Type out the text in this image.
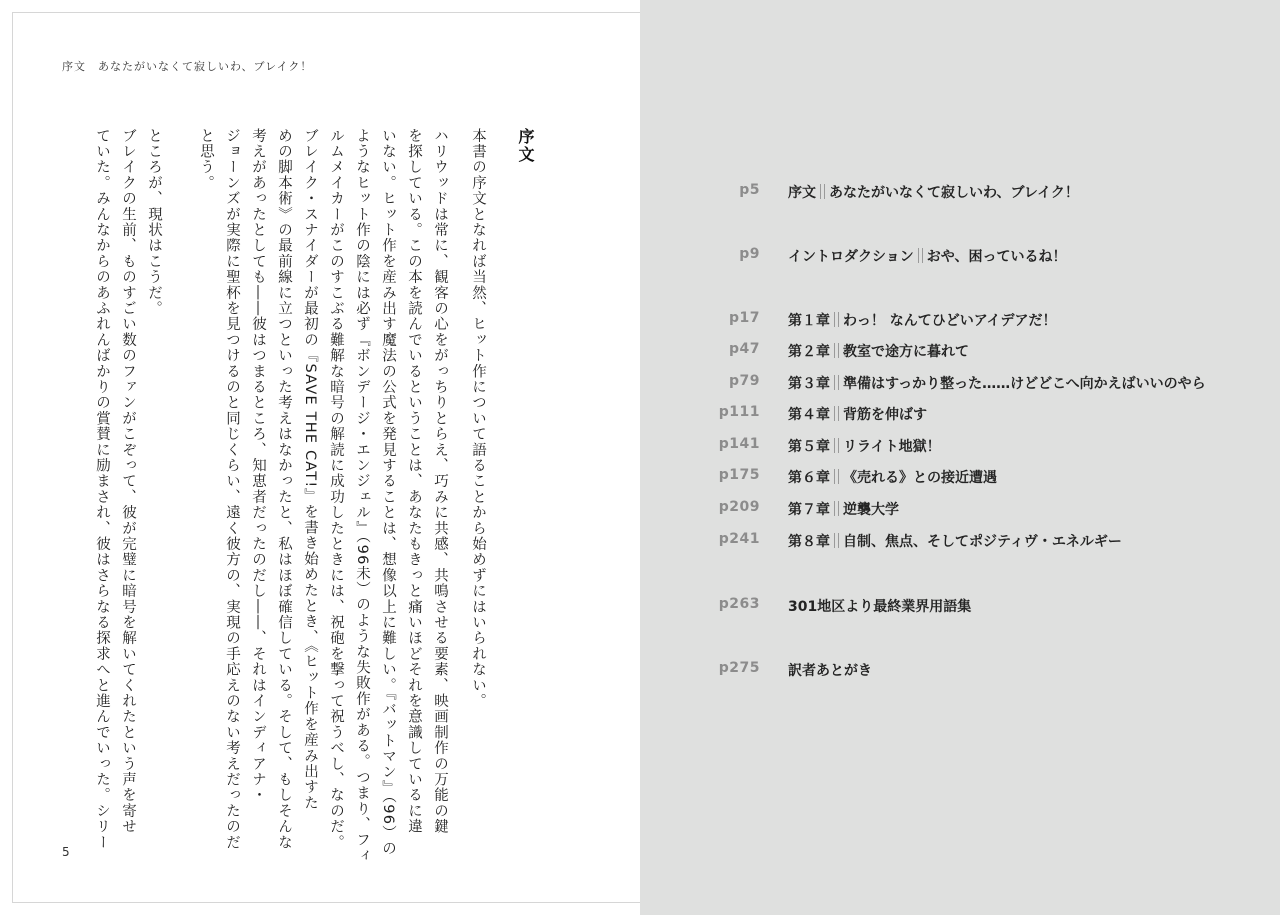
序文　あなたがいなくて寂しいわ、ブレイク！
序文
本書の序文となれば当然、ヒット作について語ることから始めずにはいられない。
ハリウッドは常に、観客の心をがっちりとらえ、巧みに共感、共鳴させる要素、映画制作の万能の鍵
を探している。この本を読んでいるということは、あなたもきっと痛いほどそれを意識しているに違
いない。ヒット作を産み出す魔法の公式を発見することは、想像以上に難しい。『バットマン』（96）の
ようなヒット作の陰には必ず『ボンデージ・エンジェル』（96未）のような失敗作がある。つまり、フィ
ルムメイカーがこのすこぶる難解な暗号の解読に成功したときには、祝砲を撃って祝うべし、なのだ。
ブレイク・スナイダーが最初の『SAVE THE CAT!』を書き始めたとき、《ヒット作を産み出すた
めの脚本術》の最前線に立つといった考えはなかったと、私はほぼ確信している。そして、もしそんな
考えがあったとしても――彼はつまるところ、知恵者だったのだし――、それはインディアナ・
ジョーンズが実際に聖杯を見つけるのと同じくらい、遠く彼方の、実現の手応えのない考えだったのだ
と思う。
ところが、現状はこうだ。
ブレイクの生前、ものすごい数のファンがこぞって、彼が完璧に暗号を解いてくれたという声を寄せ
ていた。みんなからのあふれんばかりの賞賛に励まされ、彼はさらなる探求へと進んでいった。シリー
5
p5 序文 あなたがいなくて寂しいわ、ブレイク！
p9 イントロダクション おや、困っているね！
p17 第１章 わっ！ なんてひどいアイデアだ！
p47 第２章 教室で途方に暮れて
p79 第３章 準備はすっかり整った……けどどこへ向かえばいいのやら
p111 第４章 背筋を伸ばす
p141 第５章 リライト地獄！
p175 第６章 《売れる》との接近遭遇
p209 第７章 逆襲大学
p241 第８章 自制、焦点、そしてポジティヴ・エネルギー
p263 301地区より最終業界用語集
p275 訳者あとがき
